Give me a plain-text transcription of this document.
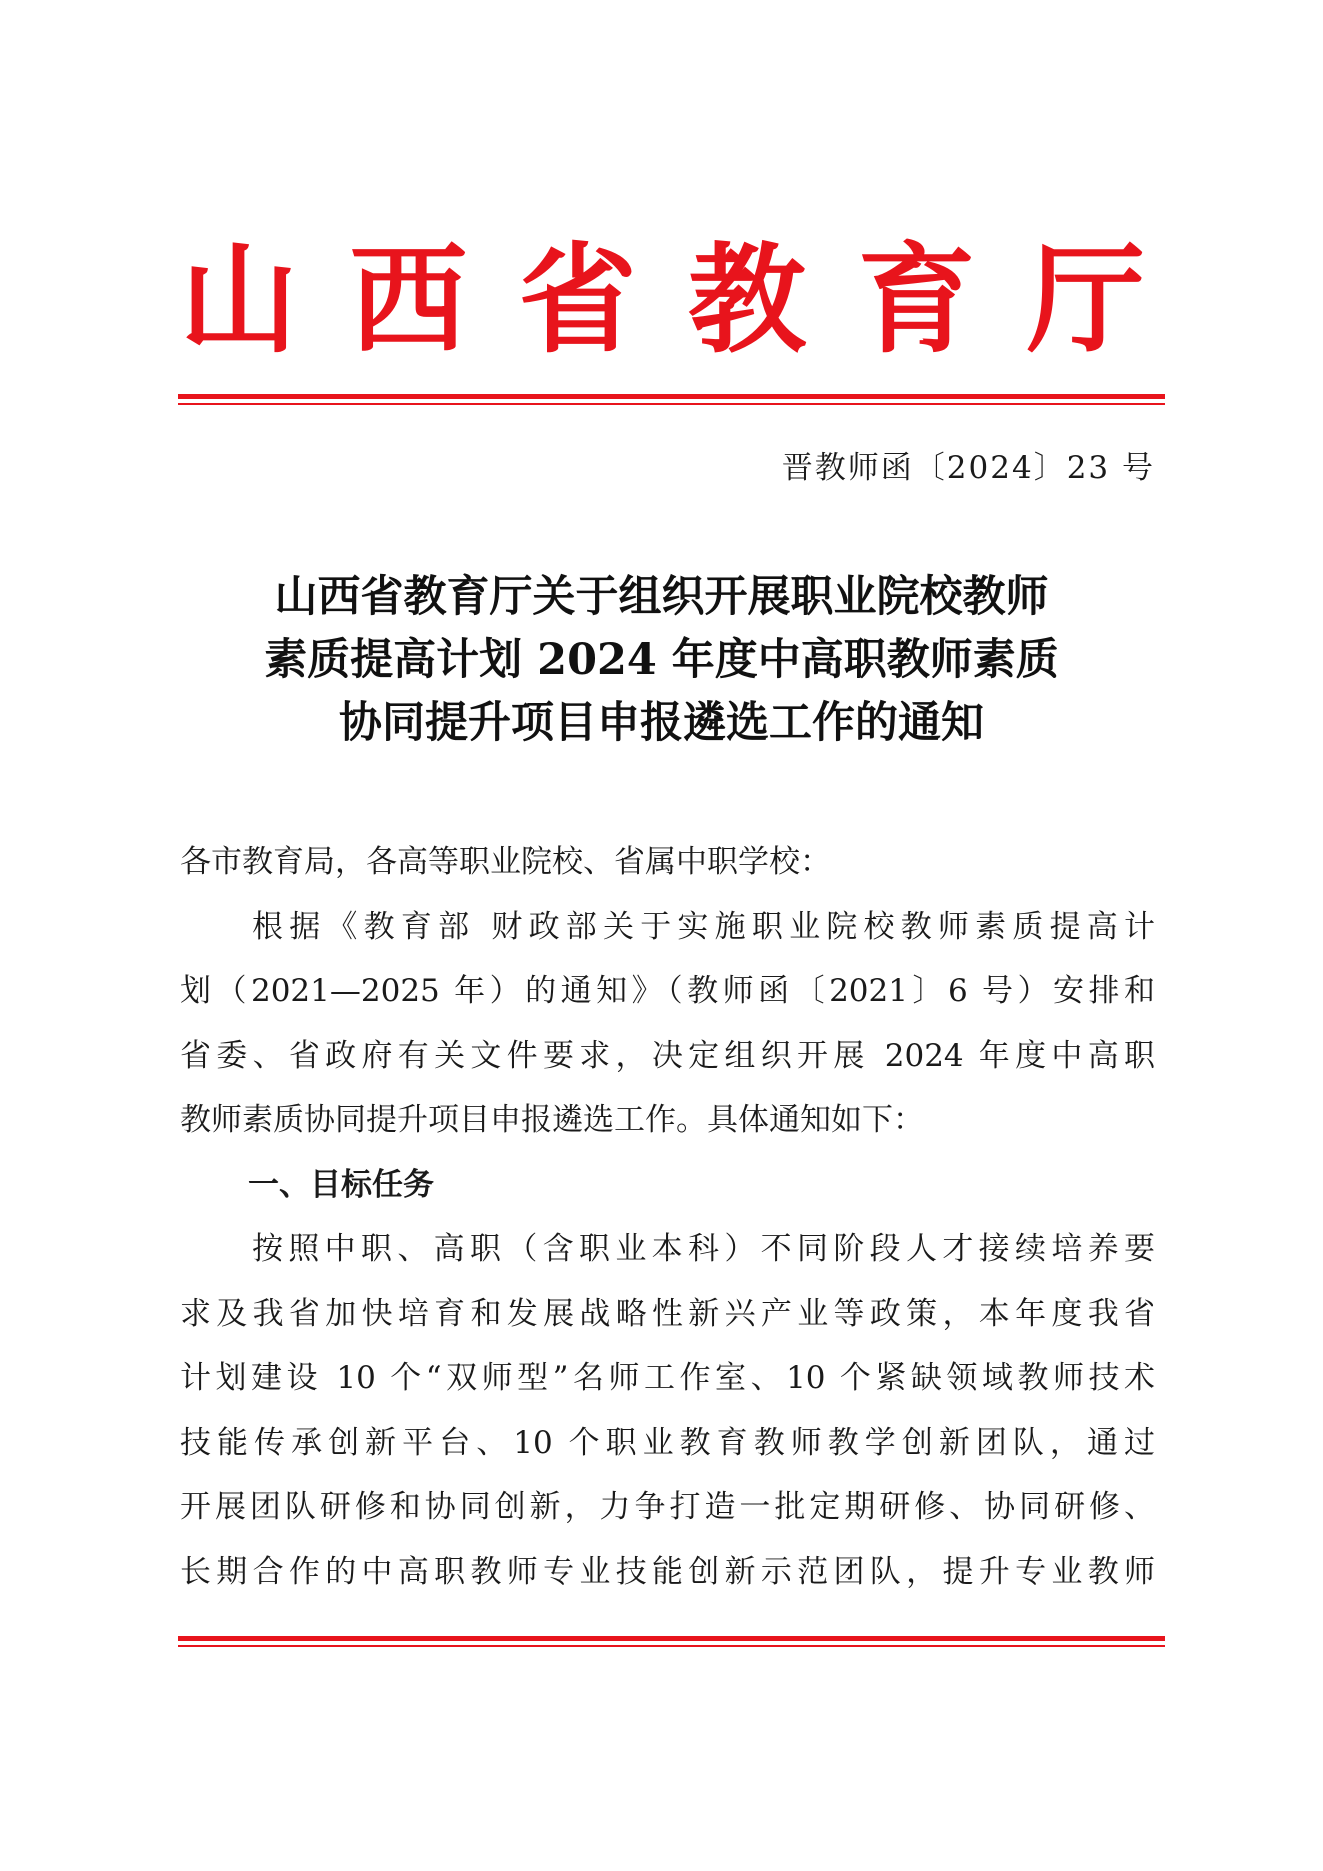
山 西 省 教 育 厅
晋教师函〔2024〕23 号
山西省教育厅关于组织开展职业院校教师
素质提高计划 2024 年度中高职教师素质
协同提升项目申报遴选工作的通知
各市教育局，各高等职业院校、省属中职学校：
根据《教育部 财政部关于实施职业院校教师素质提高计
划（2021—2025 年）的通知》（教师函〔2021〕6 号）安排和
省委、省政府有关文件要求，决定组织开展 2024 年度中高职
教师素质协同提升项目申报遴选工作。具体通知如下：
一、目标任务
按照中职、高职（含职业本科）不同阶段人才接续培养要
求及我省加快培育和发展战略性新兴产业等政策，本年度我省
计划建设 10 个“双师型”名师工作室、10 个紧缺领域教师技术
技能传承创新平台、10 个职业教育教师教学创新团队，通过
开展团队研修和协同创新，力争打造一批定期研修、协同研修、
长期合作的中高职教师专业技能创新示范团队，提升专业教师
